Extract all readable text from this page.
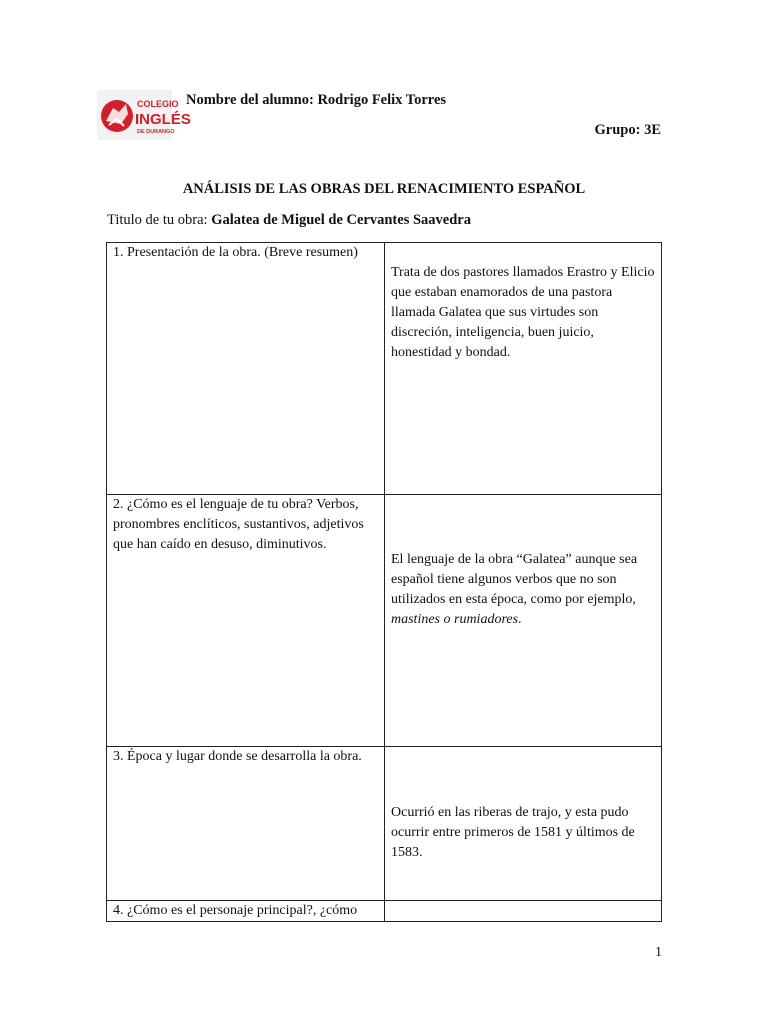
COLEGIO
INGLÉS
DE DURANGO
Nombre del alumno: Rodrigo Felix Torres
Grupo: 3E
ANÁLISIS DE LAS OBRAS DEL RENACIMIENTO ESPAÑOL
Titulo de tu obra: Galatea de Miguel de Cervantes Saavedra
1. Presentación de la obra. (Breve resumen)	Trata de dos pastores llamados Erastro y Elicio que estaban enamorados de una pastora llamada Galatea que sus virtudes son discreción, inteligencia, buen juicio, honestidad y bondad.

2. ¿Cómo es el lenguaje de tu obra? Verbos, pronombres enclíticos, sustantivos, adjetivos que han caído en desuso, diminutivos.	El lenguaje de la obra “Galatea” aunque sea español tiene algunos verbos que no son utilizados en esta época, como por ejemplo, mastines o rumiadores.

3. Época y lugar donde se desarrolla la obra.	Ocurrió en las riberas de trajo, y esta pudo ocurrir entre primeros de 1581 y últimos de 1583.

4. ¿Cómo es el personaje principal?, ¿cómo	
1
